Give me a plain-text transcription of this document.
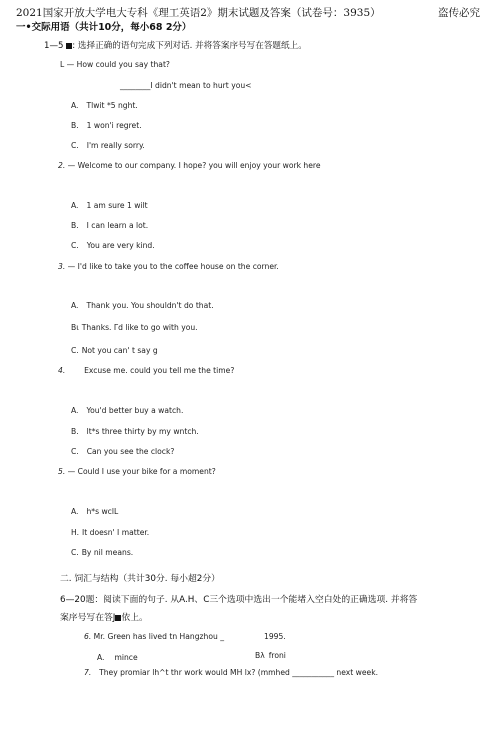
2021国家开放大学电大专科《理工英语2》期末试题及答案（试卷号：3935）	盗传必究
一•交际用语（共计10分，每小68 2分）
1—5 : 选择正确的语句完成下列对话. 并将答案序号写在答题纸上。
L — How could you say that?
________I didn't mean to hurt you<
A. Tlwit *5 nght.
B. 1 won'i regret.
C. I'm really sorry.
2. — Welcome to our company. I hope? you will enjoy your work here
A. 1 am sure 1 wilt
B. I can learn a lot.
C. You are very kind.
3. — I'd like to take you to the coffee house on the corner.
A. Thank you. You shouldn't do that.
Bι Thanks. Γd like to go with you.
C. Not you can' t say g
4. Excuse me. could you tell me the time?
A. You'd better buy a watch.
B. lt*s three thirty by my wntch.
C. Can you see the clock?
5. — Could I use your bike for a moment?
A. h*s wclL
H. It doesn' I matter.
C. By nil means.
二. 饲汇与结构（共计30分. 每小超2分）
6—20题：阅读下面的句子. 从A.H、C三个选项中选出一个能堵入空白处的正确选项. 并将答
案序号写在答J 依上。
6. Mr. Green has lived tn Hangzhou _	1995.
A. mince	Bλ froni
7. They promiar lh^t thr work would MH lx? (mmhed ___________ next week.
